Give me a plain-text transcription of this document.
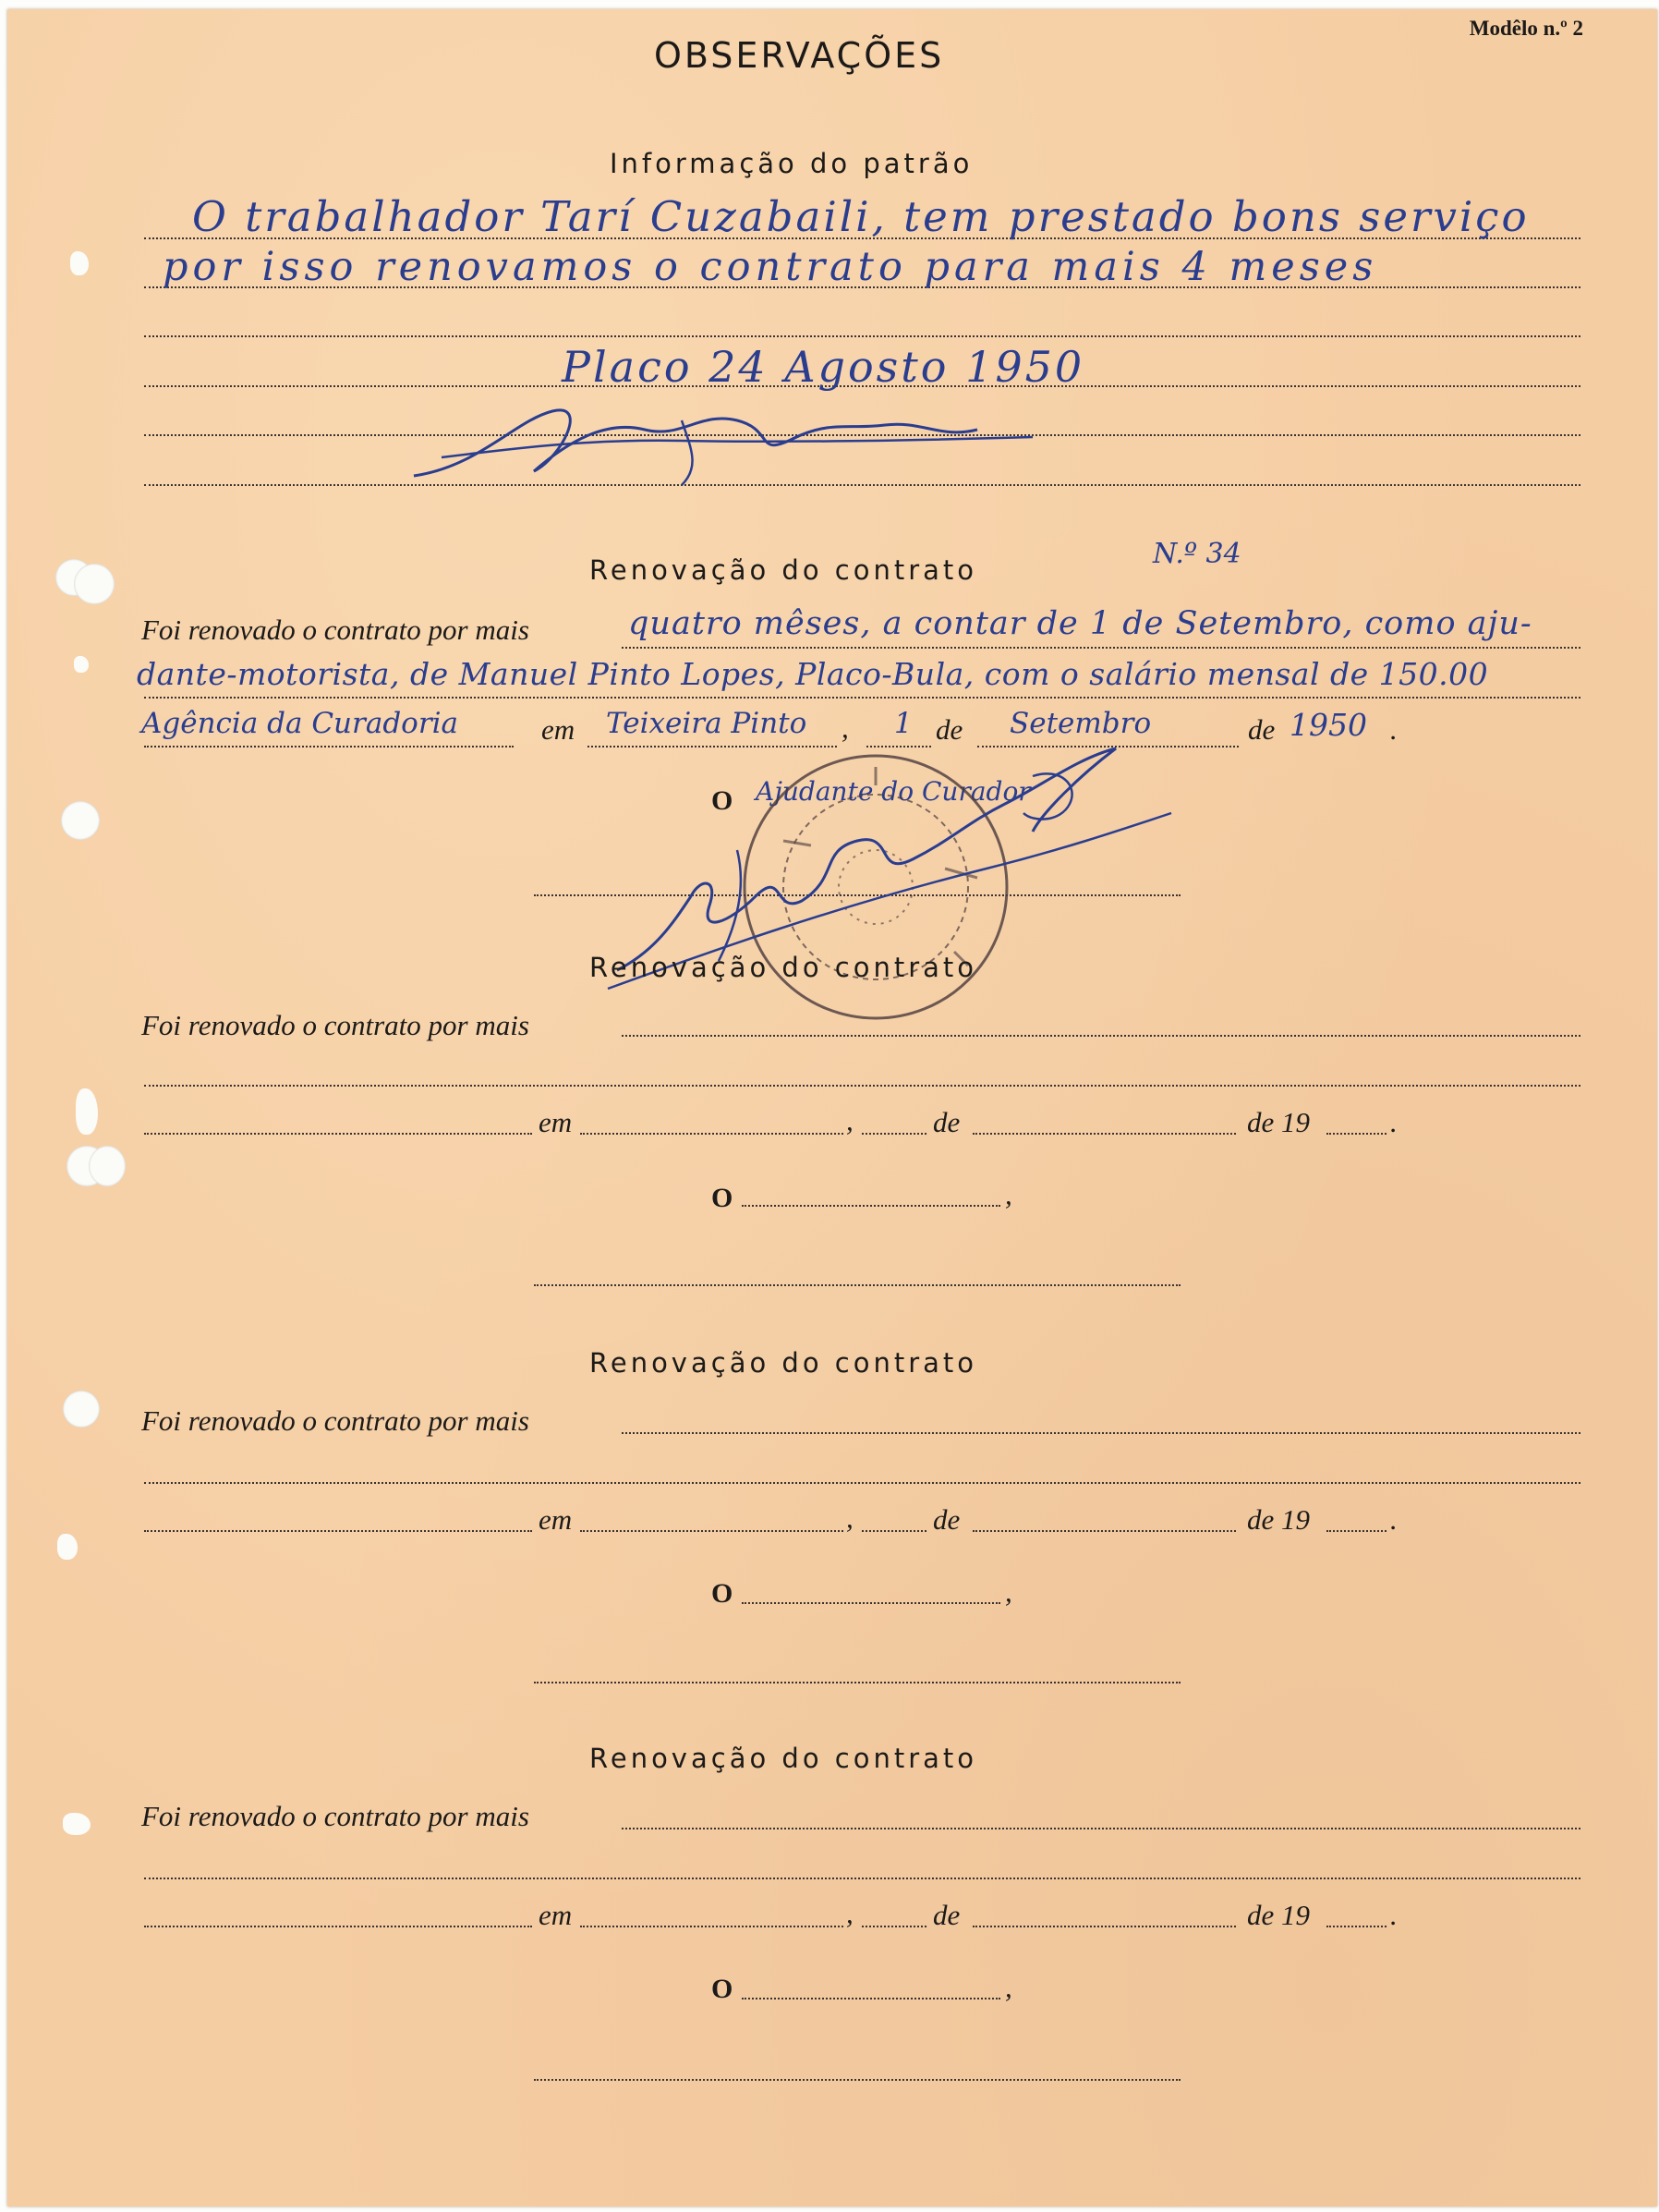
Modêlo n.º 2
OBSERVAÇÕES
Informação do patrão
O trabalhador Tarí Cuzabaili, tem prestado bons serviço
por isso renovamos o contrato para mais 4 meses
Placo 24 Agosto 1950
Renovação do contrato	N.º 34
Foi renovado o contrato por mais	quatro mêses, a contar de 1 de Setembro, como aju-
dante-motorista, de Manuel Pinto Lopes, Placo-Bula, com o salário mensal de 150.00
Agência da Curadoria	em Teixeira Pinto , 1 de Setembro	de 1950 .
O Ajudante do Curador
Renovação do contrato
Foi renovado o contrato por mais
em	,	de	de 19	.
O	,
Renovação do contrato
Foi renovado o contrato por mais
em	,	de	de 19	.
O	,
Renovação do contrato
Foi renovado o contrato por mais
em	,	de	de 19	.
O	,
